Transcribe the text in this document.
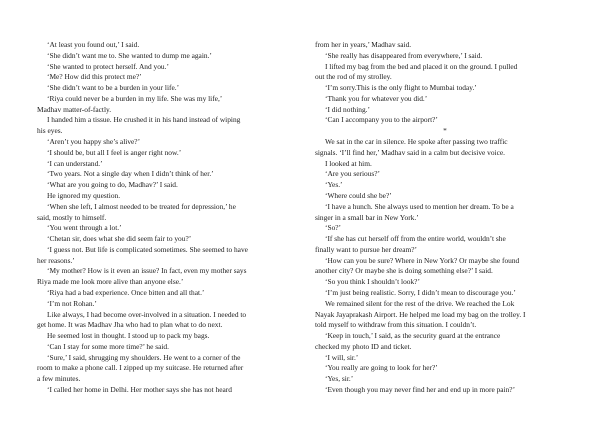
‘At least you found out,’ I said.

‘She didn’t want me to. She wanted to dump me again.’

‘She wanted to protect herself. And you.’

‘Me? How did this protect me?’

‘She didn’t want to be a burden in your life.’

‘Riya could never be a burden in my life. She was my life,’

Madhav matter-of-factly.

I handed him a tissue. He crushed it in his hand instead of wiping

his eyes.

‘Aren’t you happy she’s alive?’

‘I should be, but all I feel is anger right now.’

‘I can understand.’

‘Two years. Not a single day when I didn’t think of her.’

‘What are you going to do, Madhav?’ I said.

He ignored my question.

‘When she left, I almost needed to be treated for depression,’ he

said, mostly to himself.

‘You went through a lot.’

‘Chetan sir, does what she did seem fair to you?’

‘I guess not. But life is complicated sometimes. She seemed to have

her reasons.’

‘My mother? How is it even an issue? In fact, even my mother says

Riya made me look more alive than anyone else.’

‘Riya had a bad experience. Once bitten and all that.’

‘I’m not Rohan.’

Like always, I had become over-involved in a situation. I needed to

get home. It was Madhav Jha who had to plan what to do next.

He seemed lost in thought. I stood up to pack my bags.

‘Can I stay for some more time?’ he said.

‘Sure,’ I said, shrugging my shoulders. He went to a corner of the

room to make a phone call. I zipped up my suitcase. He returned after

a few minutes.

‘I called her home in Delhi. Her mother says she has not heard

from her in years,’ Madhav said.

‘She really has disappeared from everywhere,’ I said.

I lifted my bag from the bed and placed it on the ground. I pulled

out the rod of my strolley.

‘I’m sorry.This is the only flight to Mumbai today.’

‘Thank you for whatever you did.’

‘I did nothing.’

‘Can I accompany you to the airport?’

*

We sat in the car in silence. He spoke after passing two traffic

signals. ‘I’ll find her,’ Madhav said in a calm but decisive voice.

I looked at him.

‘Are you serious?’

‘Yes.’

‘Where could she be?’

‘I have a hunch. She always used to mention her dream. To be a

singer in a small bar in New York.’

‘So?’

‘If she has cut herself off from the entire world, wouldn’t she

finally want to pursue her dream?’

‘How can you be sure? Where in New York? Or maybe she found

another city? Or maybe she is doing something else?’ I said.

‘So you think I shouldn’t look?’

‘I’m just being realistic. Sorry, I didn’t mean to discourage you.’

We remained silent for the rest of the drive. We reached the Lok

Nayak Jayaprakash Airport. He helped me load my bag on the trolley. I

told myself to withdraw from this situation. I couldn’t.

‘Keep in touch,’ I said, as the security guard at the entrance

checked my photo ID and ticket.

‘I will, sir.’

‘You really are going to look for her?’

‘Yes, sir.’

‘Even though you may never find her and end up in more pain?’
